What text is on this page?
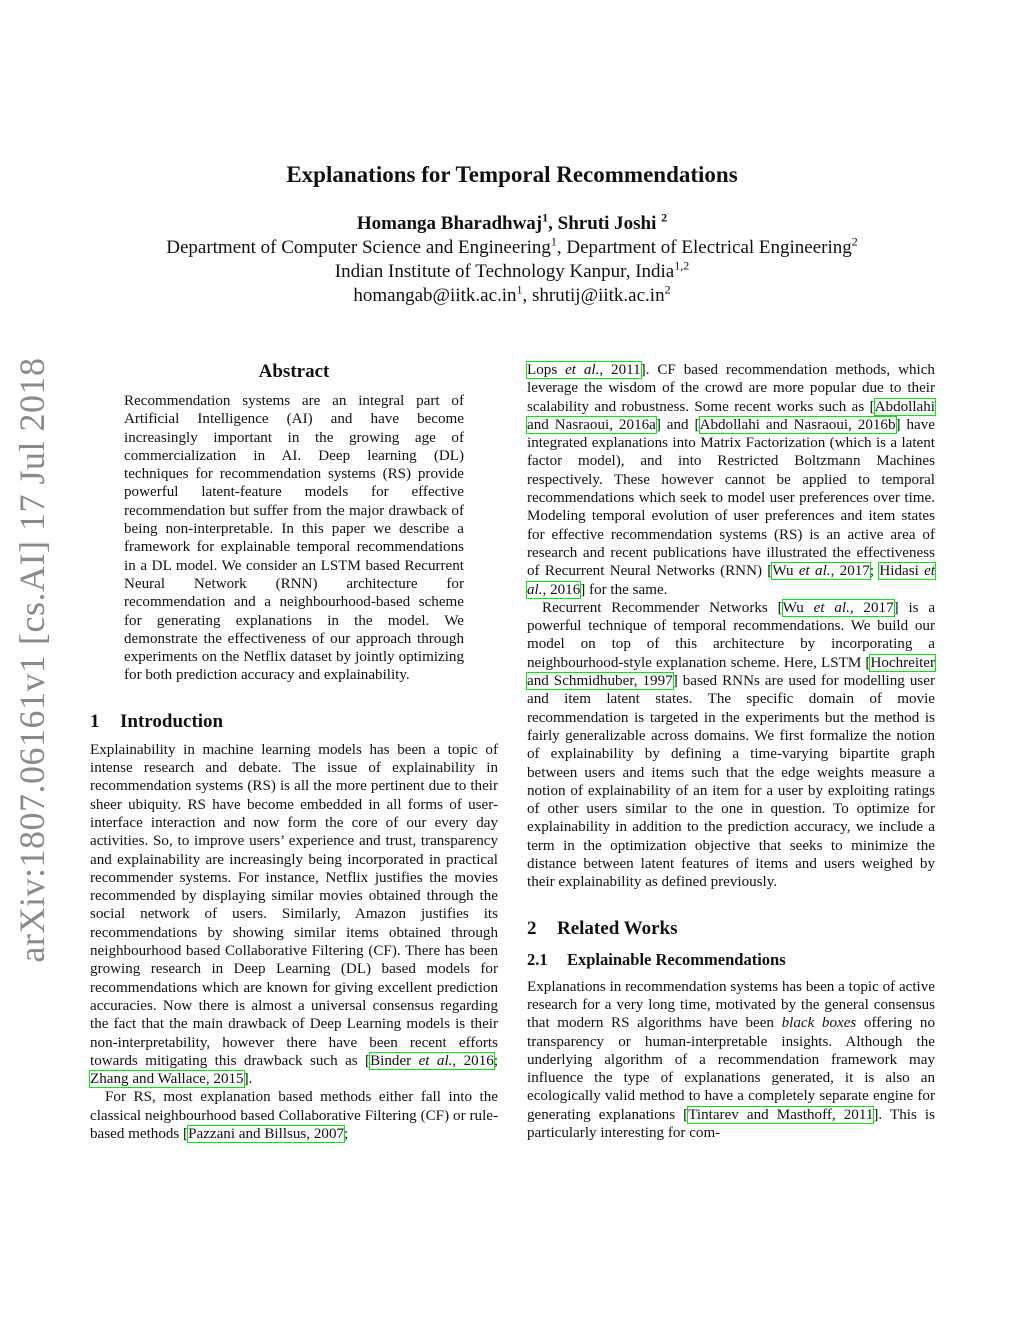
arXiv:1807.06161v1 [cs.AI] 17 Jul 2018
Explanations for Temporal Recommendations
Homanga Bharadhwaj$^1$, Shruti Joshi $^2$
Department of Computer Science and Engineering$^1$, Department of Electrical Engineering$^2$
Indian Institute of Technology Kanpur, India$^{1,2}$
$homangab@iitk.ac.in^1$, $shrutij@iitk.ac.in^2$
Abstract

Recommendation systems are an integral part of Artificial Intelligence (AI) and have become increasingly important in the growing age of commercialization in AI. Deep learning (DL) techniques for recommendation systems (RS) provide powerful latent-feature models for effective recommendation but suffer from the major drawback of being non-interpretable. In this paper we describe a framework for explainable temporal recommendations in a DL model. We consider an LSTM based Recurrent Neural Network (RNN) architecture for recommendation and a neighbourhood-based scheme for generating explanations in the model. We demonstrate the effectiveness of our approach through experiments on the Netflix dataset by jointly optimizing for both prediction accuracy and explainability.

1 Introduction

Explainability in machine learning models has been a topic of intense research and debate. The issue of explainability in recommendation systems (RS) is all the more pertinent due to their sheer ubiquity. RS have become embedded in all forms of user-interface interaction and now form the core of our every day activities. So, to improve users’ experience and trust, transparency and explainability are increasingly being incorporated in practical recommender systems. For instance, Netflix justifies the movies recommended by displaying similar movies obtained through the social network of users. Similarly, Amazon justifies its recommendations by showing similar items obtained through neighbourhood based Collaborative Filtering (CF). There has been growing research in Deep Learning (DL) based models for recommendations which are known for giving excellent prediction accuracies. Now there is almost a universal consensus regarding the fact that the main drawback of Deep Learning models is their non-interpretability, however there have been recent efforts towards mitigating this drawback such as [Binder et al., 2016; Zhang and Wallace, 2015].

For RS, most explanation based methods either fall into the classical neighbourhood based Collaborative Filtering (CF) or rule-based methods [Pazzani and Billsus, 2007;

Lops et al., 2011]. CF based recommendation methods, which leverage the wisdom of the crowd are more popular due to their scalability and robustness. Some recent works such as [Abdollahi and Nasraoui, 2016a] and [Abdollahi and Nasraoui, 2016b] have integrated explanations into Matrix Factorization (which is a latent factor model), and into Restricted Boltzmann Machines respectively. These however cannot be applied to temporal recommendations which seek to model user preferences over time. Modeling temporal evolution of user preferences and item states for effective recommendation systems (RS) is an active area of research and recent publications have illustrated the effectiveness of Recurrent Neural Networks (RNN) [Wu et al., 2017; Hidasi et al., 2016] for the same.

Recurrent Recommender Networks [Wu et al., 2017] is a powerful technique of temporal recommendations. We build our model on top of this architecture by incorporating a neighbourhood-style explanation scheme. Here, LSTM [Hochreiter and Schmidhuber, 1997] based RNNs are used for modelling user and item latent states. The specific domain of movie recommendation is targeted in the experiments but the method is fairly generalizable across domains. We first formalize the notion of explainability by defining a time-varying bipartite graph between users and items such that the edge weights measure a notion of explainability of an item for a user by exploiting ratings of other users similar to the one in question. To optimize for explainability in addition to the prediction accuracy, we include a term in the optimization objective that seeks to minimize the distance between latent features of items and users weighed by their explainability as defined previously.

2 Related Works
2.1 Explainable Recommendations

Explanations in recommendation systems has been a topic of active research for a very long time, motivated by the general consensus that modern RS algorithms have been black boxes offering no transparency or human-interpretable insights. Although the underlying algorithm of a recommendation framework may influence the type of explanations generated, it is also an ecologically valid method to have a completely separate engine for generating explanations [Tintarev and Masthoff, 2011]. This is particularly interesting for com-
